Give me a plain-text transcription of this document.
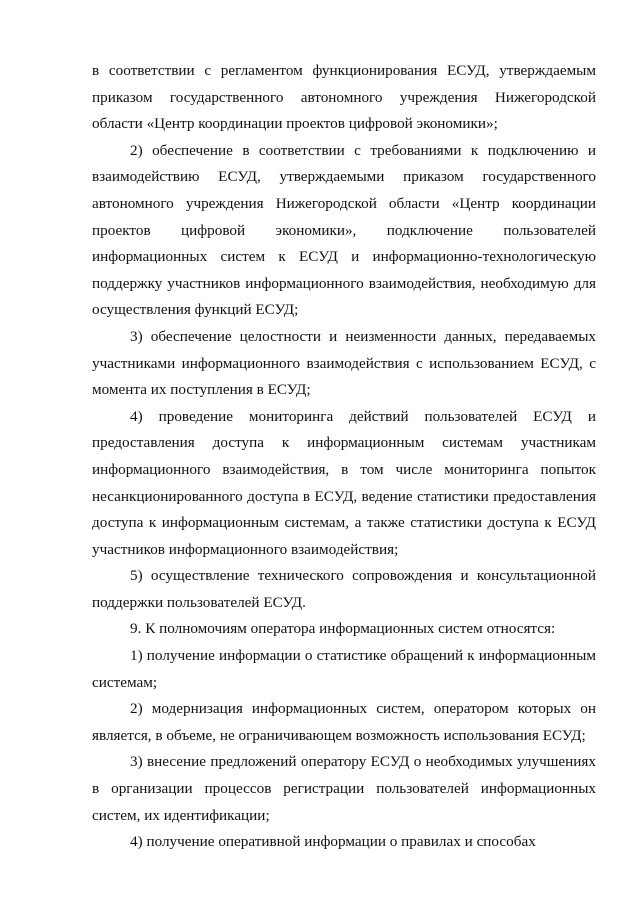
в соответствии с регламентом функционирования ЕСУД, утверждаемым приказом государственного автономного учреждения Нижегородской области «Центр координации проектов цифровой экономики»;

2) обеспечение в соответствии с требованиями к подключению и взаимодействию ЕСУД, утверждаемыми приказом государственного автономного учреждения Нижегородской области «Центр координации проектов цифровой экономики», подключение пользователей информационных систем к ЕСУД и информационно-технологическую поддержку участников информационного взаимодействия, необходимую для осуществления функций ЕСУД;

3) обеспечение целостности и неизменности данных, передаваемых участниками информационного взаимодействия с использованием ЕСУД, с момента их поступления в ЕСУД;

4) проведение мониторинга действий пользователей ЕСУД и предоставления доступа к информационным системам участникам информационного взаимодействия, в том числе мониторинга попыток несанкционированного доступа в ЕСУД, ведение статистики предоставления доступа к информационным системам, а также статистики доступа к ЕСУД участников информационного взаимодействия;

5) осуществление технического сопровождения и консультационной поддержки пользователей ЕСУД.

9. К полномочиям оператора информационных систем относятся:

1) получение информации о статистике обращений к информационным системам;

2) модернизация информационных систем, оператором которых он является, в объеме, не ограничивающем возможность использования ЕСУД;

3) внесение предложений оператору ЕСУД о необходимых улучшениях в организации процессов регистрации пользователей информационных систем, их идентификации;

4) получение оперативной информации о правилах и способах
